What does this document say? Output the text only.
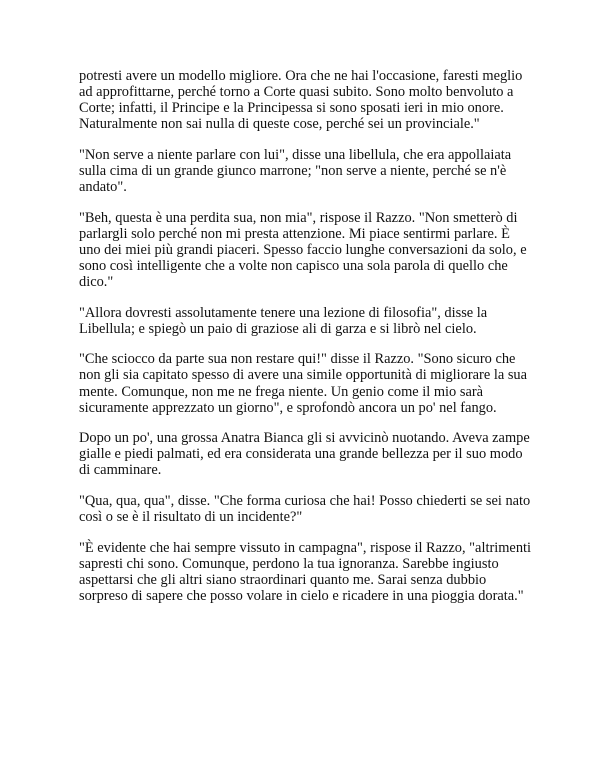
potresti avere un modello migliore. Ora che ne hai l'occasione, faresti meglio ad approfittarne, perché torno a Corte quasi subito. Sono molto benvoluto a Corte; infatti, il Principe e la Principessa si sono sposati ieri in mio onore. Naturalmente non sai nulla di queste cose, perché sei un provinciale."

"Non serve a niente parlare con lui", disse una libellula, che era appollaiata sulla cima di un grande giunco marrone; "non serve a niente, perché se n'è andato".

"Beh, questa è una perdita sua, non mia", rispose il Razzo. "Non smetterò di parlargli solo perché non mi presta attenzione. Mi piace sentirmi parlare. È uno dei miei più grandi piaceri. Spesso faccio lunghe conversazioni da solo, e sono così intelligente che a volte non capisco una sola parola di quello che dico."

"Allora dovresti assolutamente tenere una lezione di filosofia", disse la Libellula; e spiegò un paio di graziose ali di garza e si librò nel cielo.

"Che sciocco da parte sua non restare qui!" disse il Razzo. "Sono sicuro che non gli sia capitato spesso di avere una simile opportunità di migliorare la sua mente. Comunque, non me ne frega niente. Un genio come il mio sarà sicuramente apprezzato un giorno", e sprofondò ancora un po' nel fango.

Dopo un po', una grossa Anatra Bianca gli si avvicinò nuotando. Aveva zampe gialle e piedi palmati, ed era considerata una grande bellezza per il suo modo di camminare.

"Qua, qua, qua", disse. "Che forma curiosa che hai! Posso chiederti se sei nato così o se è il risultato di un incidente?"

"È evidente che hai sempre vissuto in campagna", rispose il Razzo, "altrimenti sapresti chi sono. Comunque, perdono la tua ignoranza. Sarebbe ingiusto aspettarsi che gli altri siano straordinari quanto me. Sarai senza dubbio sorpreso di sapere che posso volare in cielo e ricadere in una pioggia dorata."
